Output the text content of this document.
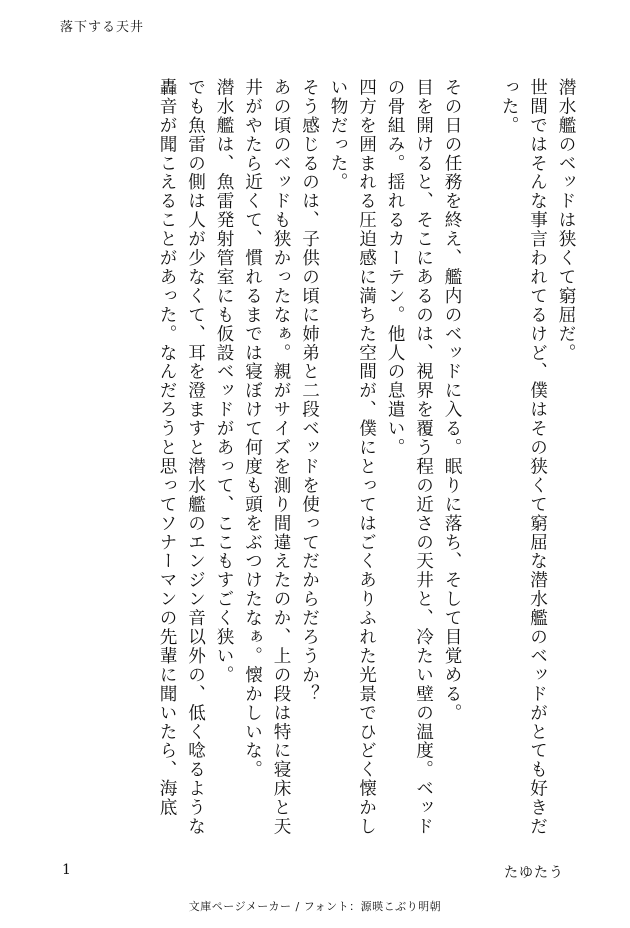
落下する天井

潜水艦のベッドは狭くて窮屈だ。

世間ではそんな事言われてるけど、僕はその狭くて窮屈な潜水艦のベッドがとても好きだった。

その日の任務を終え、艦内のベッドに入る。眠りに落ち、そして目覚める。

目を開けると、そこにあるのは、視界を覆う程の近さの天井と、冷たい壁の温度。ベッドの骨組み。揺れるカーテン。他人の息遣い。

四方を囲まれる圧迫感に満ちた空間が、僕にとってはごくありふれた光景でひどく懐かしい物だった。

そう感じるのは、子供の頃に姉弟と二段ベッドを使ってだからだろうか？

あの頃のベッドも狭かったなぁ。親がサイズを測り間違えたのか、上の段は特に寝床と天井がやたら近くて、慣れるまでは寝ぼけて何度も頭をぶつけたなぁ。懐かしいな。

潜水艦は、魚雷発射管室にも仮設ベッドがあって、ここもすごく狭い。

でも魚雷の側は人が少なくて、耳を澄ますと潜水艦のエンジン音以外の、低く唸るような轟音が聞こえることがあった。なんだろうと思ってソナーマンの先輩に聞いたら、海底

1	たゆたう
文庫ページメーカー / フォント：源暎こぶり明朝
